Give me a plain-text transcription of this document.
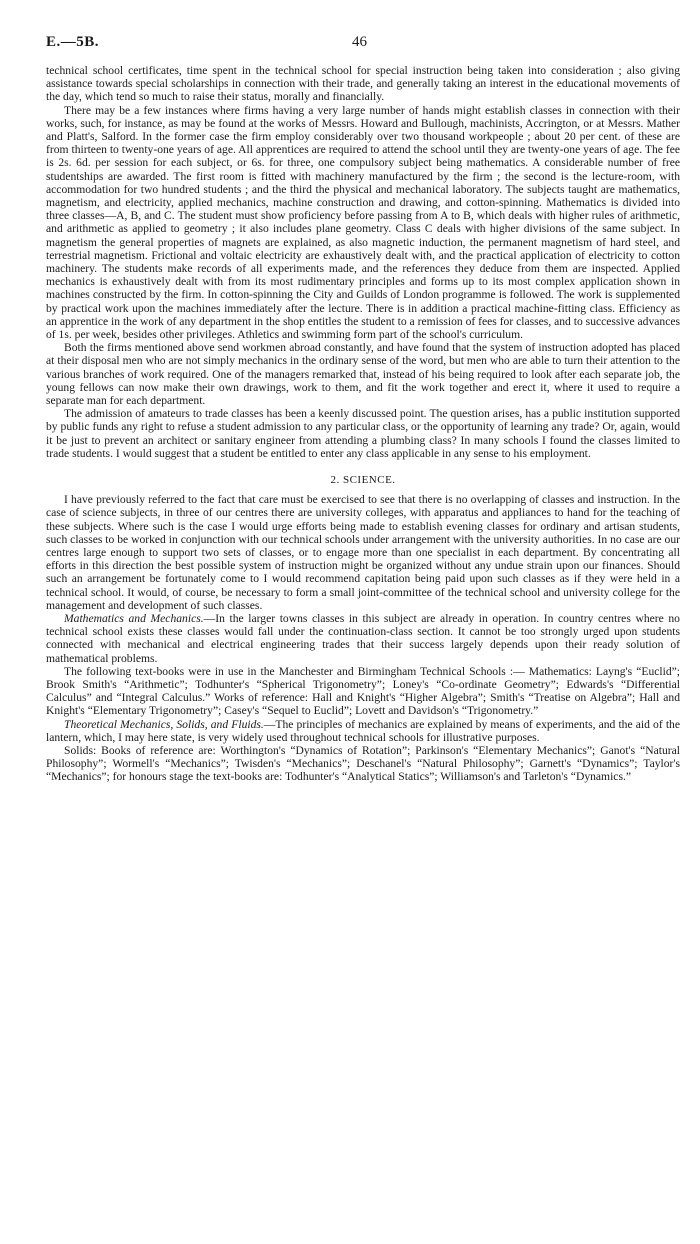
E.—5B.	46

technical school certificates, time spent in the technical school for special instruction being taken into consideration ; also giving assistance towards special scholarships in connection with their trade, and generally taking an interest in the educational movements of the day, which tend so much to raise their status, morally and financially.

There may be a few instances where firms having a very large number of hands might establish classes in connection with their works, such, for instance, as may be found at the works of Messrs. Howard and Bullough, machinists, Accrington, or at Messrs. Mather and Platt's, Salford. In the former case the firm employ considerably over two thousand workpeople ; about 20 per cent. of these are from thirteen to twenty-one years of age. All apprentices are required to attend the school until they are twenty-one years of age. The fee is 2s. 6d. per session for each subject, or 6s. for three, one compulsory subject being mathematics. A considerable number of free studentships are awarded. The first room is fitted with machinery manufactured by the firm ; the second is the lecture-room, with accommodation for two hundred students ; and the third the physical and mechanical laboratory. The subjects taught are mathematics, magnetism, and electricity, applied mechanics, machine construction and drawing, and cotton-spinning. Mathematics is divided into three classes—A, B, and C. The student must show proficiency before passing from A to B, which deals with higher rules of arithmetic, and arithmetic as applied to geometry ; it also includes plane geometry. Class C deals with higher divisions of the same subject. In magnetism the general properties of magnets are explained, as also magnetic induction, the permanent magnetism of hard steel, and terrestrial magnetism. Frictional and voltaic electricity are exhaustively dealt with, and the practical application of electricity to cotton machinery. The students make records of all experiments made, and the references they deduce from them are inspected. Applied mechanics is exhaustively dealt with from its most rudimentary principles and forms up to its most complex application shown in machines constructed by the firm. In cotton-spinning the City and Guilds of London programme is followed. The work is supplemented by practical work upon the machines immediately after the lecture. There is in addition a practical machine-fitting class. Efficiency as an apprentice in the work of any department in the shop entitles the student to a remission of fees for classes, and to successive advances of 1s. per week, besides other privileges. Athletics and swimming form part of the school's curriculum.

Both the firms mentioned above send workmen abroad constantly, and have found that the system of instruction adopted has placed at their disposal men who are not simply mechanics in the ordinary sense of the word, but men who are able to turn their attention to the various branches of work required. One of the managers remarked that, instead of his being required to look after each separate job, the young fellows can now make their own drawings, work to them, and fit the work together and erect it, where it used to require a separate man for each department.

The admission of amateurs to trade classes has been a keenly discussed point. The question arises, has a public institution supported by public funds any right to refuse a student admission to any particular class, or the opportunity of learning any trade? Or, again, would it be just to prevent an architect or sanitary engineer from attending a plumbing class? In many schools I found the classes limited to trade students. I would suggest that a student be entitled to enter any class applicable in any sense to his employment.

2. SCIENCE.

I have previously referred to the fact that care must be exercised to see that there is no overlapping of classes and instruction. In the case of science subjects, in three of our centres there are university colleges, with apparatus and appliances to hand for the teaching of these subjects. Where such is the case I would urge efforts being made to establish evening classes for ordinary and artisan students, such classes to be worked in conjunction with our technical schools under arrangement with the university authorities. In no case are our centres large enough to support two sets of classes, or to engage more than one specialist in each department. By concentrating all efforts in this direction the best possible system of instruction might be organized without any undue strain upon our finances. Should such an arrangement be fortunately come to I would recommend capitation being paid upon such classes as if they were held in a technical school. It would, of course, be necessary to form a small joint-committee of the technical school and university college for the management and development of such classes.

Mathematics and Mechanics.—In the larger towns classes in this subject are already in operation. In country centres where no technical school exists these classes would fall under the continuation-class section. It cannot be too strongly urged upon students connected with mechanical and electrical engineering trades that their success largely depends upon their ready solution of mathematical problems.

The following text-books were in use in the Manchester and Birmingham Technical Schools :— Mathematics: Layng's “Euclid”; Brook Smith's “Arithmetic”; Todhunter's “Spherical Trigonometry”; Loney's “Co-ordinate Geometry”; Edwards's “Differential Calculus” and “Integral Calculus.” Works of reference: Hall and Knight's “Higher Algebra”; Smith's “Treatise on Algebra”; Hall and Knight's “Elementary Trigonometry”; Casey's “Sequel to Euclid”; Lovett and Davidson's “Trigonometry.”

Theoretical Mechanics, Solids, and Fluids.—The principles of mechanics are explained by means of experiments, and the aid of the lantern, which, I may here state, is very widely used throughout technical schools for illustrative purposes.

Solids: Books of reference are: Worthington's “Dynamics of Rotation”; Parkinson's “Elementary Mechanics”; Ganot's “Natural Philosophy”; Wormell's “Mechanics”; Twisden's “Mechanics”; Deschanel's “Natural Philosophy”; Garnett's “Dynamics”; Taylor's “Mechanics”; for honours stage the text-books are: Todhunter's “Analytical Statics”; Williamson's and Tarleton's “Dynamics.”
